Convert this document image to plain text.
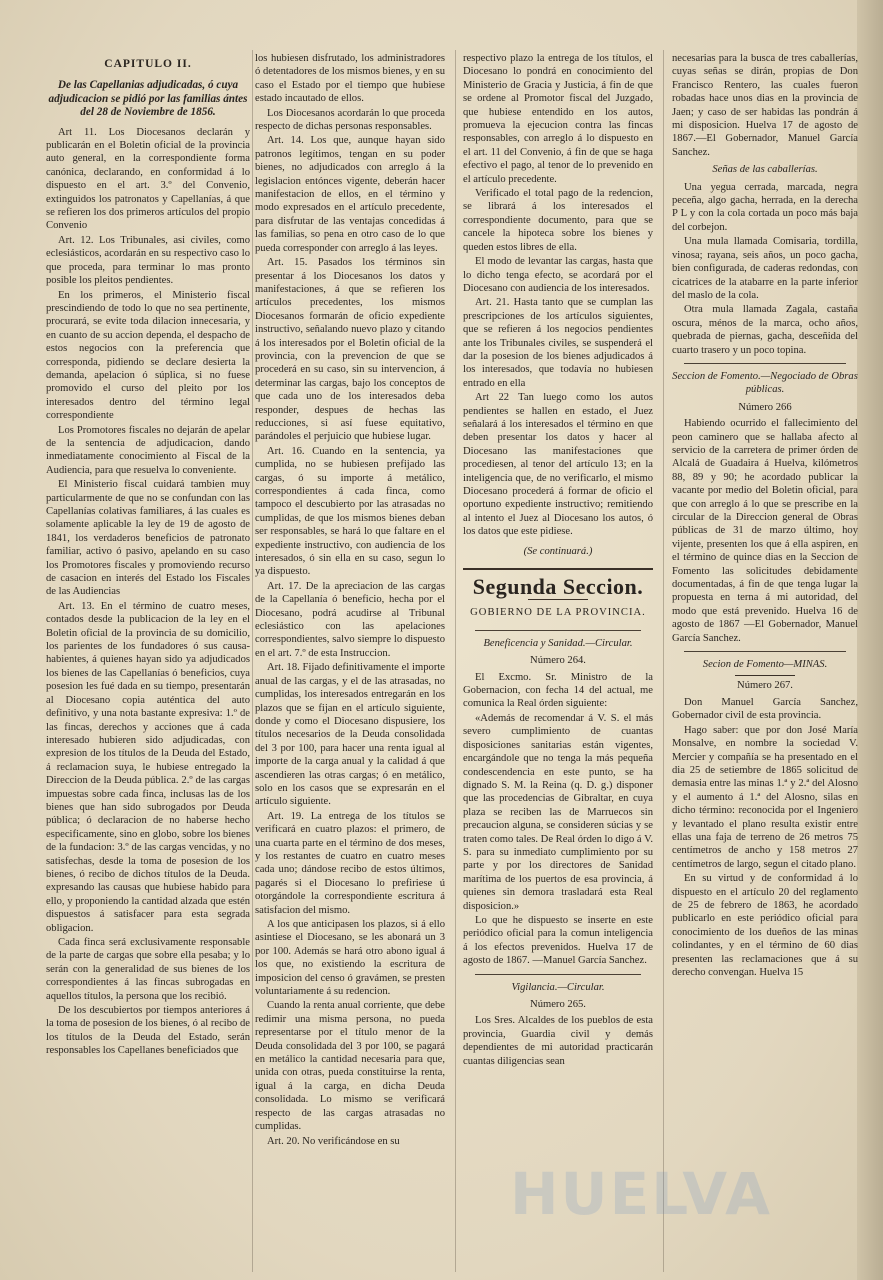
CAPITULO II.
De las Capellanias adjudicadas, ó cuya adjudicacion se pidió por las familias ántes del 28 de Noviembre de 1856.

Art 11. Los Diocesanos declarán y publicarán en el Boletin oficial de la provincia auto general, en la correspondiente forma canónica, declarando, en conformidad á lo dispuesto en el art. 3.º del Convenio, extinguidos los patronatos y Capellanías, á que se refieren los dos primeros artículos del propio Convenio

Art. 12. Los Tribunales, asi civiles, como eclesiásticos, acordarán en su respectivo caso lo que proceda, para terminar lo mas pronto posible los pleitos pendientes.

En los primeros, el Ministerio fiscal prescindiendo de todo lo que no sea pertinente, procurará, se evite toda dilacion innecesaria, y en cuanto de su accion dependa, el despacho de estos negocios con la preferencia que corresponda, pidiendo se declare desierta la demanda, apelacion ó súplica, si no fuese promovido el curso del pleito por los interesados dentro del término legal correspondiente

Los Promotores fiscales no dejarán de apelar de la sentencia de adjudicacion, dando inmediatamente conocimiento al Fiscal de la Audiencia, para que resuelva lo conveniente.

El Ministerio fiscal cuidará tambien muy particularmente de que no se confundan con las Capellanías colativas familiares, á las cuales es solamente aplicable la ley de 19 de agosto de 1841, los verdaderos beneficios de patronato familiar, activo ó pasivo, apelando en su caso los Promotores fiscales y promoviendo recurso de casacion en interés del Estado los Fiscales de las Audiencias

Art. 13. En el término de cuatro meses, contados desde la publicacion de la ley en el Boletin oficial de la provincia de su domicilio, los parientes de los fundadores ó sus causa-habientes, á quienes hayan sido ya adjudicados los bienes de las Capellanías ó beneficios, cuya posesion les fué dada en su tiempo, presentarán al Diocesano copia auténtica del auto definitivo, y una nota bastante expresiva: 1.º de las fincas, derechos y acciones que á cada interesado hubieren sido adjudicadas, con expresion de los títulos de la Deuda del Estado, á reclamacion suya, le hubiese entregado la Direccion de la Deuda pública. 2.º de las cargas impuestas sobre cada finca, inclusas las de los bienes que han sido subrogados por Deuda pública; ó declaracion de no haberse hecho especificamente, sino en globo, sobre los bienes de la fundacion: 3.º de las cargas vencidas, y no satisfechas, desde la toma de posesion de los bienes, ó recibo de dichos títulos de la Deuda. expresando las causas que hubiese habido para ello, y proponiendo la cantidad alzada que estén dispuestos á satisfacer para esta segrada obligacion.

Cada finca será exclusivamente responsable de la parte de cargas que sobre ella pesaba; y lo serán con la generalidad de sus bienes de los correspondientes á las fincas subrogadas en aquellos títulos, la persona que los recibió.

De los descubiertos por tiempos anteriores á la toma de posesion de los bienes, ó al recibo de los títulos de la Deuda del Estado, serán responsables los Capellanes beneficiados que

los hubiesen disfrutado, los administradores ó detentadores de los mismos bienes, y en su caso el Estado por el tiempo que hubiese estado incautado de ellos.

Los Diocesanos acordarán lo que proceda respecto de dichas personas responsables.

Art. 14. Los que, aunque hayan sido patronos legítimos, tengan en su poder bienes, no adjudicados con arreglo á la legislacion entónces vigente, deberán hacer manifestacion de ellos, en el término y modo expresados en el artículo precedente, para disfrutar de las ventajas concedidas á las familias, so pena en otro caso de lo que pueda corresponder con arreglo á las leyes.

Art. 15. Pasados los términos sin presentar á los Diocesanos los datos y manifestaciones, á que se refieren los artículos precedentes, los mismos Diocesanos formarán de oficio expediente instructivo, señalando nuevo plazo y citando á los interesados por el Boletin oficial de la provincia, con la prevencion de que se procederá en su caso, sin su intervencion, á determinar las cargas, bajo los conceptos de que cada uno de los interesados deba responder, despues de hechas las reducciones, si así fuese equitativo, parándoles el perjuicio que hubiese lugar.

Art. 16. Cuando en la sentencia, ya cumplida, no se hubiesen prefijado las cargas, ó su importe á metálico, correspondientes á cada finca, como tampoco el descubierto por las atrasadas no cumplidas, de que los mismos bienes deban ser responsables, se hará lo que faltare en el expediente instructivo, con audiencia de los interesados, ó sin ella en su caso, segun lo ya dispuesto.

Art. 17. De la apreciacion de las cargas de la Capellanía ó beneficio, hecha por el Diocesano, podrá acudirse al Tribunal eclesiástico con las apelaciones correspondientes, salvo siempre lo dispuesto en el art. 7.º de esta Instruccion.

Art. 18. Fijado definitivamente el importe anual de las cargas, y el de las atrasadas, no cumplidas, los interesados entregarán en los plazos que se fijan en el artículo siguiente, donde y como el Diocesano dispusiere, los títulos necesarios de la Deuda consolidada del 3 por 100, para hacer una renta igual al importe de la carga anual y la calidad á que ascendieren las otras cargas; ó en metálico, solo en los casos que se expresarán en el artículo siguiente.

Art. 19. La entrega de los títulos se verificará en cuatro plazos: el primero, de una cuarta parte en el término de dos meses, y los restantes de cuatro en cuatro meses cada uno; dándose recibo de estos últimos, pagarés si el Diocesano lo prefiriese ú otorgándole la correspondiente escritura á satisfacion del mismo.

A los que anticipasen los plazos, si á ello asintiese el Diocesano, se les abonará un 3 por 100. Además se hará otro abono igual á los que, no existiendo la escritura de imposicion del censo ó gravámen, se presten voluntariamente á su redencion.

Cuando la renta anual corriente, que debe redimir una misma persona, no pueda representarse por el título menor de la Deuda consolidada del 3 por 100, se pagará en metálico la cantidad necesaria para que, unida con otras, pueda constituirse la renta, igual á la carga, en dicha Deuda consolidada. Lo mismo se verificará respecto de las cargas atrasadas no cumplidas.

Art. 20. No verificándose en su

respectivo plazo la entrega de los títulos, el Diocesano lo pondrá en conocimiento del Ministerio de Gracia y Justicia, á fin de que se ordene al Promotor fiscal del Juzgado, que hubiese entendido en los autos, promueva la ejecucion contra las fincas responsables, con arreglo á lo dispuesto en el art. 11 del Convenio, á fin de que se haga efectivo el pago, al tenor de lo prevenido en el artículo precedente.

Verificado el total pago de la redencion, se librará á los interesados el correspondiente documento, para que se cancele la hipoteca sobre los bienes y queden estos libres de ella.

El modo de levantar las cargas, hasta que lo dicho tenga efecto, se acordará por el Diocesano con audiencia de los interesados.

Art. 21. Hasta tanto que se cumplan las prescripciones de los artículos siguientes, que se refieren á los negocios pendientes ante los Tribunales civiles, se suspenderá el dar la posesion de los bienes adjudicados á los interesados, que todavía no hubiesen entrado en ella

Art 22 Tan luego como los autos pendientes se hallen en estado, el Juez señalará á los interesados el término en que deben presentar los datos y hacer al Diocesano las manifestaciones que procediesen, al tenor del artículo 13; en la inteligencia que, de no verificarlo, el mismo Diocesano procederá á formar de oficio el oportuno expediente instructivo; remitiendo al intento el Juez al Diocesano los autos, ó los datos que este pidiese.

(Se continuará.)
Segunda Seccion.
GOBIERNO DE LA PROVINCIA.
Beneficencia y Sanidad.—Circular.
Número 264.

El Excmo. Sr. Ministro de la Gobernacion, con fecha 14 del actual, me comunica la Real órden siguiente:

«Además de recomendar á V. S. el más severo cumplimiento de cuantas disposiciones sanitarias están vigentes, encargándole que no tenga la más pequeña condescendencia en este punto, se ha dignado S. M. la Reina (q. D. g.) disponer que las procedencias de Gibraltar, en cuya plaza se reciben las de Marruecos sin precaucion alguna, se consideren súcias y se traten como tales. De Real órden lo digo á V. S. para su inmediato cumplimiento por su parte y por los directores de Sanidad marítima de los puertos de esa provincia, á quienes sin demora trasladará esta Real disposicion.»

Lo que he dispuesto se inserte en este periódico oficial para la comun inteligencia á los efectos prevenidos. Huelva 17 de agosto de 1867. —Manuel García Sanchez.

Vigilancia.—Circular.
Número 265.

Los Sres. Alcaldes de los pueblos de esta provincia, Guardia civil y demás dependientes de mi autoridad practicarán cuantas diligencias sean

necesarias para la busca de tres caballerías, cuyas señas se dirán, propias de Don Francisco Rentero, las cuales fueron robadas hace unos dias en la provincia de Jaen; y caso de ser habidas las pondrán á mi disposicion. Huelva 17 de agosto de 1867.—El Gobernador, Manuel García Sanchez.

Señas de las caballerías.

Una yegua cerrada, marcada, negra peceña, algo gacha, herrada, en la derecha P L y con la cola cortada un poco más baja del corbejon.

Una mula llamada Comisaria, tordilla, vinosa; rayana, seis años, un poco gacha, bien configurada, de caderas redondas, con cicatrices de la atabarre en la parte inferior del maslo de la cola.

Otra mula llamada Zagala, castaña oscura, ménos de la marca, ocho años, quebrada de piernas, gacha, desceñida del cuarto trasero y un poco topina.

Seccion de Fomento.—Negociado de Obras públicas.
Número 266

Habiendo ocurrido el fallecimiento del peon caminero que se hallaba afecto al servicio de la carretera de primer órden de Alcalá de Guadaira á Huelva, kilómetros 88, 89 y 90; he acordado publicar la vacante por medio del Boletin oficial, para que con arreglo á lo que se prescribe en la circular de la Direccion general de Obras públicas de 31 de marzo último, hoy vijente, presenten los que á ella aspiren, en el término de quince dias en la Seccion de Fomento las solicitudes debidamente documentadas, á fin de que tenga lugar la propuesta en terna á mi autoridad, del modo que está prevenido. Huelva 16 de agosto de 1867 —El Gobernador, Manuel García Sanchez.

Secion de Fomento—MINAS.
Número 267.

Don Manuel García Sanchez, Gobernador civil de esta provincia.

Hago saber: que por don José María Monsalve, en nombre la sociedad V. Mercier y compañía se ha presentado en el dia 25 de setiembre de 1865 solicitud de demasia entre las minas 1.ª y 2.ª del Alosno y el aumento á 1.ª del Alosno, silas en dicho término: reconocida por el Ingeniero y levantado el plano resulta existir entre ellas una faja de terreno de 26 metros 75 centímetros de ancho y 158 metros 27 centímetros de largo, segun el citado plano.

En su virtud y de conformidad á lo dispuesto en el artículo 20 del reglamento de 25 de febrero de 1863, he acordado publicarlo en este periódico oficial para conocimiento de los dueños de las minas colindantes, y en el término de 60 dias presenten las reclamaciones que á su derecho convengan. Huelva 15

HUELVA
